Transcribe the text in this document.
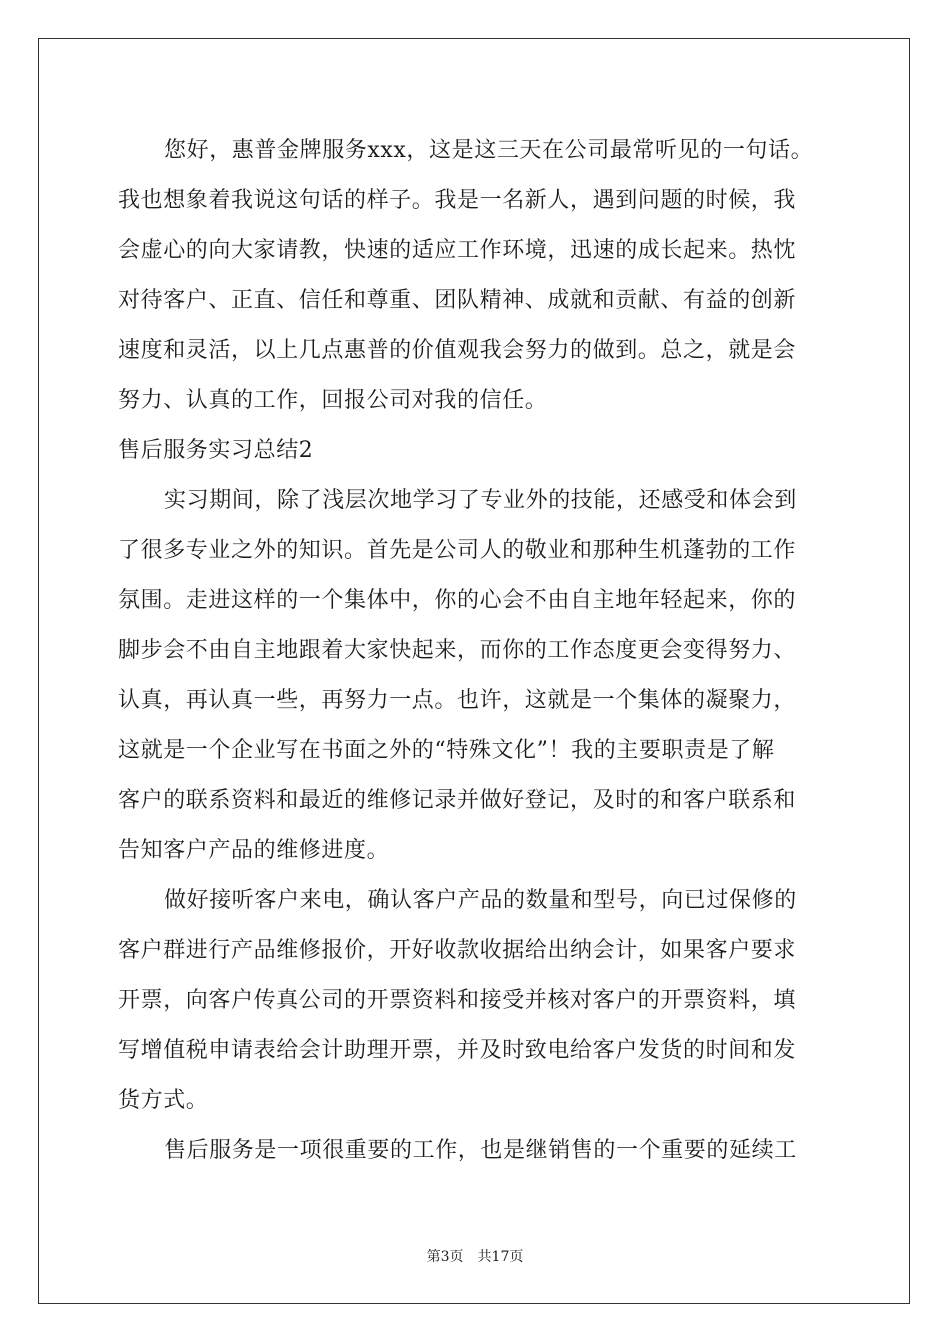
您好，惠普金牌服务xxx，这是这三天在公司最常听见的一句话。
我也想象着我说这句话的样子。我是一名新人，遇到问题的时候，我
会虚心的向大家请教，快速的适应工作环境，迅速的成长起来。热忱
对待客户、正直、信任和尊重、团队精神、成就和贡献、有益的创新
速度和灵活，以上几点惠普的价值观我会努力的做到。总之，就是会
努力、认真的工作，回报公司对我的信任。
售后服务实习总结2
实习期间，除了浅层次地学习了专业外的技能，还感受和体会到
了很多专业之外的知识。首先是公司人的敬业和那种生机蓬勃的工作
氛围。走进这样的一个集体中，你的心会不由自主地年轻起来，你的
脚步会不由自主地跟着大家快起来，而你的工作态度更会变得努力、
认真，再认真一些，再努力一点。也许，这就是一个集体的凝聚力，
这就是一个企业写在书面之外的“特殊文化”！我的主要职责是了解
客户的联系资料和最近的维修记录并做好登记，及时的和客户联系和
告知客户产品的维修进度。
做好接听客户来电，确认客户产品的数量和型号，向已过保修的
客户群进行产品维修报价，开好收款收据给出纳会计，如果客户要求
开票，向客户传真公司的开票资料和接受并核对客户的开票资料，填
写增值税申请表给会计助理开票，并及时致电给客户发货的时间和发
货方式。
售后服务是一项很重要的工作，也是继销售的一个重要的延续工
第3页 共17页
